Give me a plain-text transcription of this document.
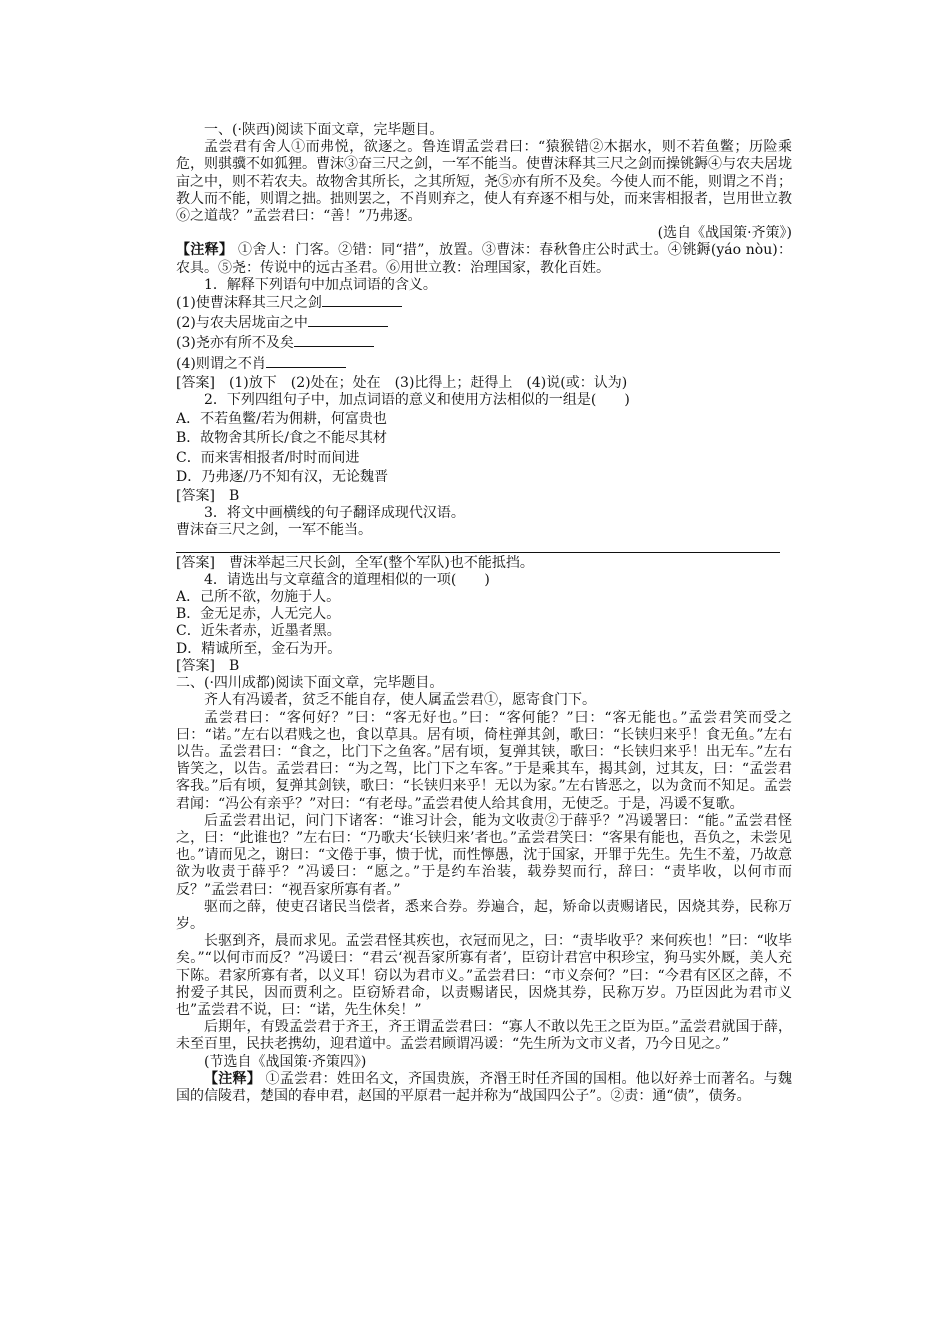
一、(·陕西)阅读下面文章，完毕题目。

孟尝君有舍人①而弗悦，欲逐之。鲁连谓孟尝君曰：“猿猴错②木据水，则不若鱼鳖；历险乘危，则骐骥不如狐狸。曹沫③奋三尺之剑，一军不能当。使曹沫释其三尺之剑而操铫鎒④与农夫居垅亩之中，则不若农夫。故物舍其所长，之其所短，尧⑤亦有所不及矣。今使人而不能，则谓之不肖；教人而不能，则谓之拙。拙则罢之，不肖则弃之，使人有弃逐不相与处，而来害相报者，岂用世立教⑥之道哉？”孟尝君曰：“善！”乃弗逐。

(选自《战国策·齐策》)

【注释】 ①舍人：门客。②错：同“措”，放置。③曹沫：春秋鲁庄公时武士。④铫鎒(yáo nòu)：农具。⑤尧：传说中的远古圣君。⑥用世立教：治理国家，教化百姓。

1．解释下列语句中加点词语的含义。

(1)使曹沫释其三尺之剑

(2)与农夫居垅亩之中

(3)尧亦有所不及矣

(4)则谓之不肖

[答案]　 (1)放下　(2)处在；处在　(3)比得上；赶得上　(4)说(或：认为)

2．下列四组句子中，加点词语的意义和使用方法相似的一组是(　　)

A．不若鱼鳖/若为佣耕，何富贵也

B．故物舍其所长/食之不能尽其材

C．而来害相报者/时时而间进

D．乃弗逐/乃不知有汉，无论魏晋

[答案]　 B

3．将文中画横线的句子翻译成现代汉语。

曹沫奋三尺之剑，一军不能当。

[答案]　 曹沫举起三尺长剑，全军(整个军队)也不能抵挡。

4．请选出与文章蕴含的道理相似的一项(　　)

A．己所不欲，勿施于人。

B．金无足赤，人无完人。

C．近朱者赤，近墨者黑。

D．精诚所至，金石为开。

[答案]　 B

二、(·四川成都)阅读下面文章，完毕题目。

齐人有冯谖者，贫乏不能自存，使人属孟尝君①，愿寄食门下。

孟尝君曰：“客何好？”曰：“客无好也。”曰：“客何能？”曰：“客无能也。”孟尝君笑而受之曰：“诺。”左右以君贱之也，食以草具。居有顷，倚柱弹其剑，歌曰：“长铗归来乎！食无鱼。”左右以告。孟尝君曰：“食之，比门下之鱼客。”居有顷，复弹其铗，歌曰：“长铗归来乎！出无车。”左右皆笑之，以告。孟尝君曰：“为之驾，比门下之车客。”于是乘其车，揭其剑，过其友，曰：“孟尝君客我。”后有顷，复弹其剑铗，歌曰：“长铗归来乎！无以为家。”左右皆恶之，以为贪而不知足。孟尝君闻：“冯公有亲乎？”对曰：“有老母。”孟尝君使人给其食用，无使乏。于是，冯谖不复歌。

后孟尝君出记，问门下诸客：“谁习计会，能为文收责②于薛乎？”冯谖署曰：“能。”孟尝君怪之，曰：“此谁也？”左右曰：“乃歌夫‘长铗归来’者也。”孟尝君笑曰：“客果有能也，吾负之，未尝见也。”请而见之，谢曰：“文倦于事，愦于忧，而性懧愚，沈于国家，开罪于先生。先生不羞，乃故意欲为收责于薛乎？”冯谖曰：“愿之。”于是约车治装，载券契而行，辞曰：“责毕收，以何市而反？”孟尝君曰：“视吾家所寡有者。”

驱而之薛，使吏召诸民当偿者，悉来合券。券遍合，起，矫命以责赐诸民，因烧其券，民称万岁。

长驱到齐，晨而求见。孟尝君怪其疾也，衣冠而见之，曰：“责毕收乎？来何疾也！”曰：“收毕矣。”“以何市而反？”冯谖曰：“君云‘视吾家所寡有者’，臣窃计君宫中积珍宝，狗马实外厩，美人充下陈。君家所寡有者，以义耳！窃以为君市义。”孟尝君曰：“市义奈何？”曰：“今君有区区之薛，不拊爱子其民，因而贾利之。臣窃矫君命，以责赐诸民，因烧其券，民称万岁。乃臣因此为君市义也”孟尝君不说，曰：“诺，先生休矣！”

后期年，有毁孟尝君于齐王，齐王谓孟尝君曰：“寡人不敢以先王之臣为臣。”孟尝君就国于薛，未至百里，民扶老携幼，迎君道中。孟尝君顾谓冯谖：“先生所为文市义者，乃今日见之。”

(节选自《战国策·齐策四》)

【注释】 ①孟尝君：姓田名文，齐国贵族，齐湣王时任齐国的国相。他以好养士而著名。与魏国的信陵君，楚国的春申君，赵国的平原君一起并称为“战国四公子”。②责：通“债”，债务。
